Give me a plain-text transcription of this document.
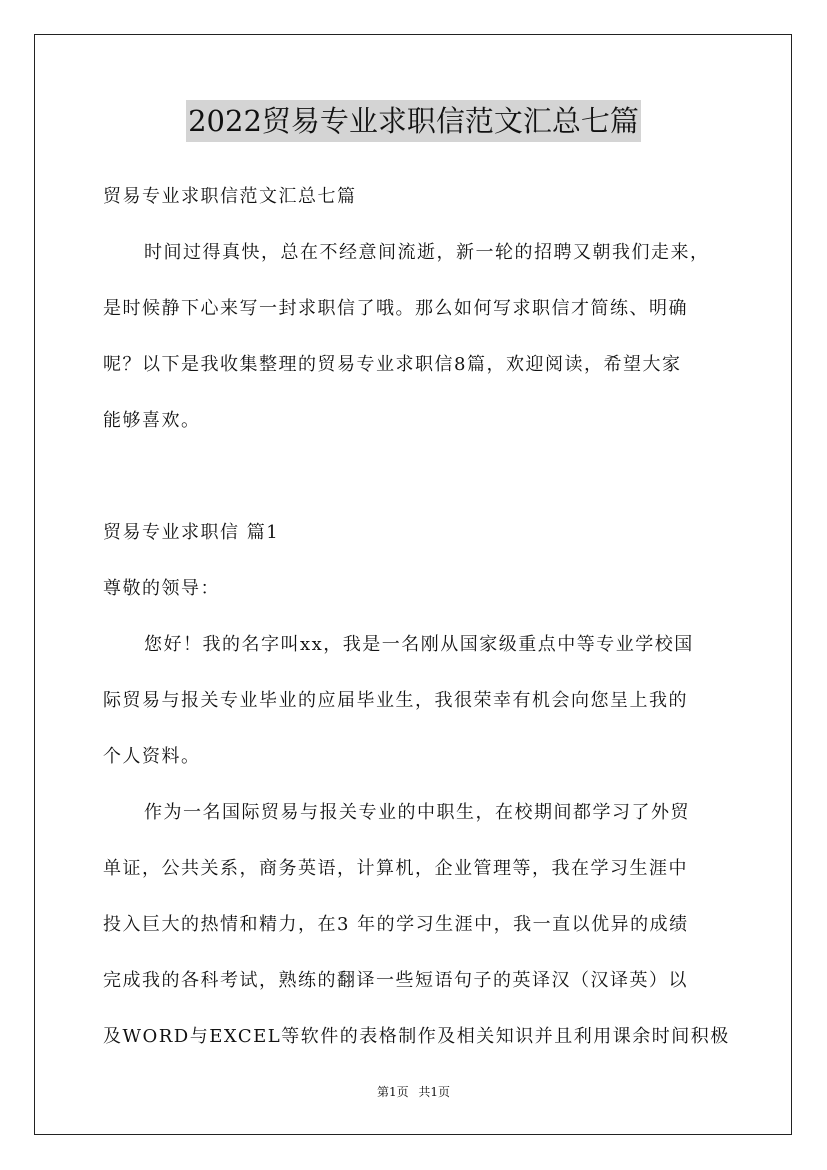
2022贸易专业求职信范文汇总七篇
贸易专业求职信范文汇总七篇
时间过得真快，总在不经意间流逝，新一轮的招聘又朝我们走来，
是时候静下心来写一封求职信了哦。那么如何写求职信才简练、明确
呢？以下是我收集整理的贸易专业求职信8篇，欢迎阅读，希望大家
能够喜欢。
贸易专业求职信 篇1
尊敬的领导：
您好！我的名字叫xx，我是一名刚从国家级重点中等专业学校国
际贸易与报关专业毕业的应届毕业生，我很荣幸有机会向您呈上我的
个人资料。
作为一名国际贸易与报关专业的中职生，在校期间都学习了外贸
单证，公共关系，商务英语，计算机，企业管理等，我在学习生涯中
投入巨大的热情和精力，在3 年的学习生涯中，我一直以优异的成绩
完成我的各科考试，熟练的翻译一些短语句子的英译汉（汉译英）以
及WORD与EXCEL等软件的表格制作及相关知识并且利用课余时间积极
第1页 共1页
